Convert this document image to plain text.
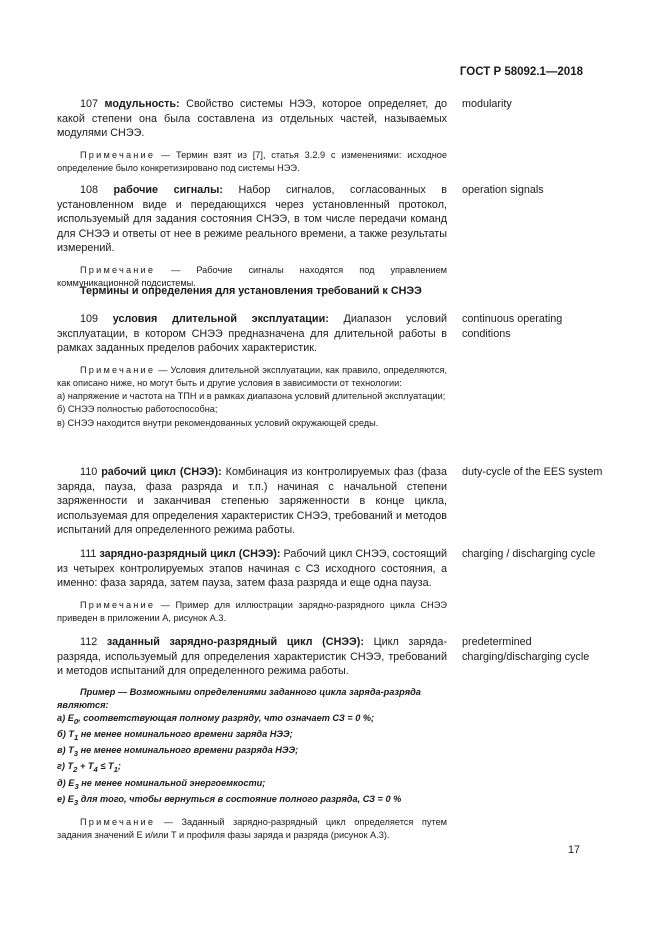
ГОСТ Р 58092.1—2018

107 модульность: Свойство системы НЭЭ, которое определяет, до какой степени она была составлена из отдельных частей, называемых модулями СНЭЭ.

Примечание — Термин взят из [7], статья 3.2.9 с изменениями: исходное определение было конкретизировано под системы НЭЭ.

modularity

108 рабочие сигналы: Набор сигналов, согласованных в установленном виде и передающихся через установленный протокол, используемый для задания состояния СНЭЭ, в том числе передачи команд для СНЭЭ и ответы от нее в режиме реального времени, а также результаты измерений.

Примечание — Рабочие сигналы находятся под управлением коммуникационной подсистемы.

operation signals

Термины и определения для установления требований к СНЭЭ

109 условия длительной эксплуатации: Диапазон условий эксплуатации, в котором СНЭЭ предназначена для длительной работы в рамках заданных пределов рабочих характеристик.

Примечание — Условия длительной эксплуатации, как правило, определяются, как описано ниже, но могут быть и другие условия в зависимости от технологии:

а) напряжение и частота на ТПН и в рамках диапазона условий длительной эксплуатации;

б) СНЭЭ полностью работоспособна;

в) СНЭЭ находится внутри рекомендованных условий окружающей среды.

continuous operating conditions

110 рабочий цикл (СНЭЭ): Комбинация из контролируемых фаз (фаза заряда, пауза, фаза разряда и т.п.) начиная с начальной степени заряженности и заканчивая степенью заряженности в конце цикла, используемая для определения характеристик СНЭЭ, требований и методов испытаний для определенного режима работы.

duty-cycle of the EES system

111 зарядно-разрядный цикл (СНЭЭ): Рабочий цикл СНЭЭ, состоящий из четырех контролируемых этапов начиная с СЗ исходного состояния, а именно: фаза заряда, затем пауза, затем фаза разряда и еще одна пауза.

Примечание — Пример для иллюстрации зарядно-разрядного цикла СНЭЭ приведен в приложении А, рисунок А.3.

charging / discharging cycle

112 заданный зарядно-разрядный цикл (СНЭЭ): Цикл заряда-разряда, используемый для определения характеристик СНЭЭ, требований и методов испытаний для определенного режима работы.

Пример — Возможными определениями заданного цикла заряда-разряда являются:

а) $E_0$, соответствующая полному разряду, что означает СЗ = 0 %;

б) $T_1$ не менее номинального времени заряда НЭЭ;

в) $T_3$ не менее номинального времени разряда НЭЭ;

г) $T_2 + T_4 \le T_1$;

д) $E_3$ не менее номинальной энергоемкости;

е) $E_3$ для того, чтобы вернуться в состояние полного разряда, СЗ = 0 %

Примечание — Заданный зарядно-разрядный цикл определяется путем задания значений E и/или T и профиля фазы заряда и разряда (рисунок А.3).

predetermined charging/discharging cycle

17
